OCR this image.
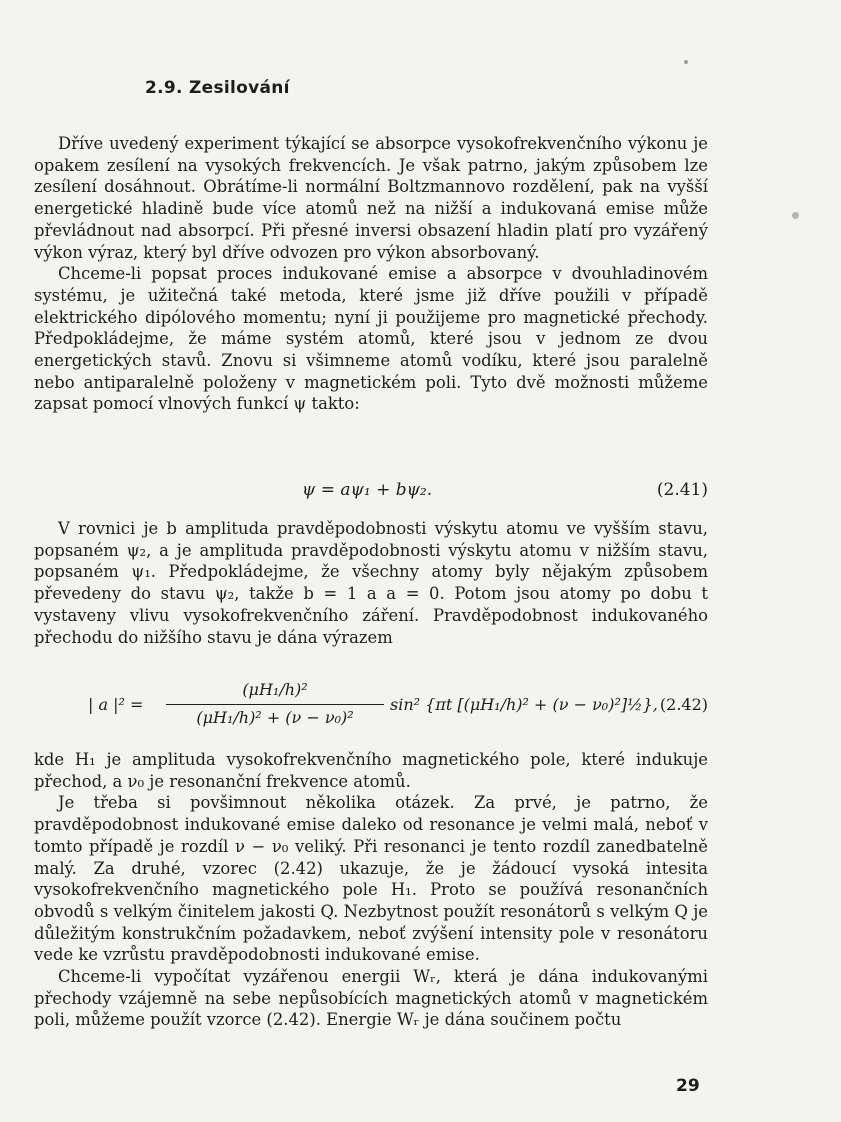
2.9. Zesilování

Dříve uvedený experiment týkající se absorpce vysokofrekvenčního výkonu je opakem zesílení na vysokých frekvencích. Je však patrno, jakým způsobem lze zesílení dosáhnout. Obrátíme-li normální Boltzmannovo rozdělení, pak na vyšší energetické hladině bude více atomů než na nižší a indukovaná emise může převládnout nad absorpcí. Při přesné inversi obsazení hladin platí pro vyzářený výkon výraz, který byl dříve odvozen pro výkon absorbovaný.

Chceme-li popsat proces indukované emise a absorpce v dvouhladinovém systému, je užitečná také metoda, které jsme již dříve použili v případě elektrického dipólového momentu; nyní ji použijeme pro magnetické přechody. Předpokládejme, že máme systém atomů, které jsou v jednom ze dvou energetických stavů. Znovu si všimneme atomů vodíku, které jsou paralelně nebo antiparalelně položeny v magnetickém poli. Tyto dvě možnosti můžeme zapsat pomocí vlnových funkcí ψ takto:

ψ = aψ₁ + bψ₂.	(2.41)

V rovnici je b amplituda pravděpodobnosti výskytu atomu ve vyšším stavu, popsaném ψ₂, a je amplituda pravděpodobnosti výskytu atomu v nižším stavu, popsaném ψ₁. Předpokládejme, že všechny atomy byly nějakým způsobem převedeny do stavu ψ₂, takže b = 1 a a = 0. Potom jsou atomy po dobu t vystaveny vlivu vysokofrekvenčního záření. Pravděpodobnost indukovaného přechodu do nižšího stavu je dána výrazem

| a |² =
(μH₁/h)²
(μH₁/h)² + (ν − ν₀)²
sin² {πt [(μH₁/h)² + (ν − ν₀)²]½}, (2.42)

kde H₁ je amplituda vysokofrekvenčního magnetického pole, které indukuje přechod, a ν₀ je resonanční frekvence atomů.

Je třeba si povšimnout několika otázek. Za prvé, je patrno, že pravděpodobnost indukované emise daleko od resonance je velmi malá, neboť v tomto případě je rozdíl ν − ν₀ veliký. Při resonanci je tento rozdíl zanedbatelně malý. Za druhé, vzorec (2.42) ukazuje, že je žádoucí vysoká intesita vysokofrekvenčního magnetického pole H₁. Proto se používá resonančních obvodů s velkým činitelem jakosti Q. Nezbytnost použít resonátorů s velkým Q je důležitým konstrukčním požadavkem, neboť zvýšení intensity pole v resonátoru vede ke vzrůstu pravděpodobnosti indukované emise.

Chceme-li vypočítat vyzářenou energii Wᵣ, která je dána indukovanými přechody vzájemně na sebe nepůsobících magnetických atomů v magnetickém poli, můžeme použít vzorce (2.42). Energie Wᵣ je dána součinem počtu

29
